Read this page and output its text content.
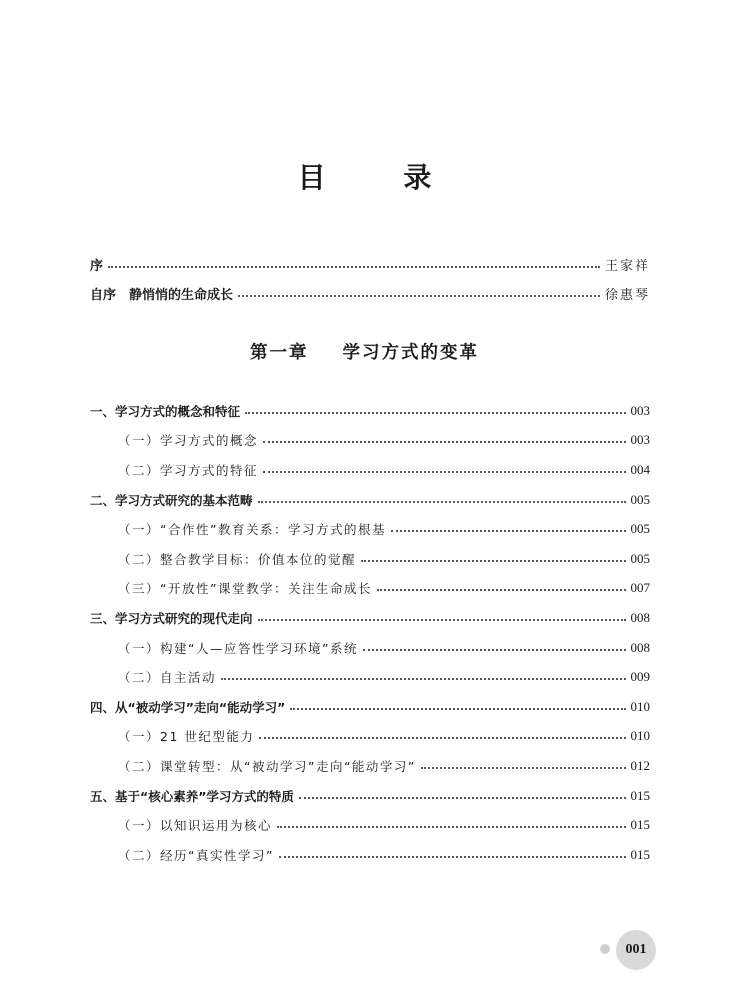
目 录
序	王家祥
自序　静悄悄的生命成长	徐惠琴
第一章 学习方式的变革
一、学习方式的概念和特征	003
（一）学习方式的概念	003
（二）学习方式的特征	004
二、学习方式研究的基本范畴	005
（一）“合作性”教育关系：学习方式的根基	005
（二）整合教学目标：价值本位的觉醒	005
（三）“开放性”课堂教学：关注生命成长	007
三、学习方式研究的现代走向	008
（一）构建“人—应答性学习环境”系统	008
（二）自主活动	009
四、从“被动学习”走向“能动学习”	010
（一）21 世纪型能力	010
（二）课堂转型：从“被动学习”走向“能动学习”	012
五、基于“核心素养”学习方式的特质	015
（一）以知识运用为核心	015
（二）经历“真实性学习”	015
001
